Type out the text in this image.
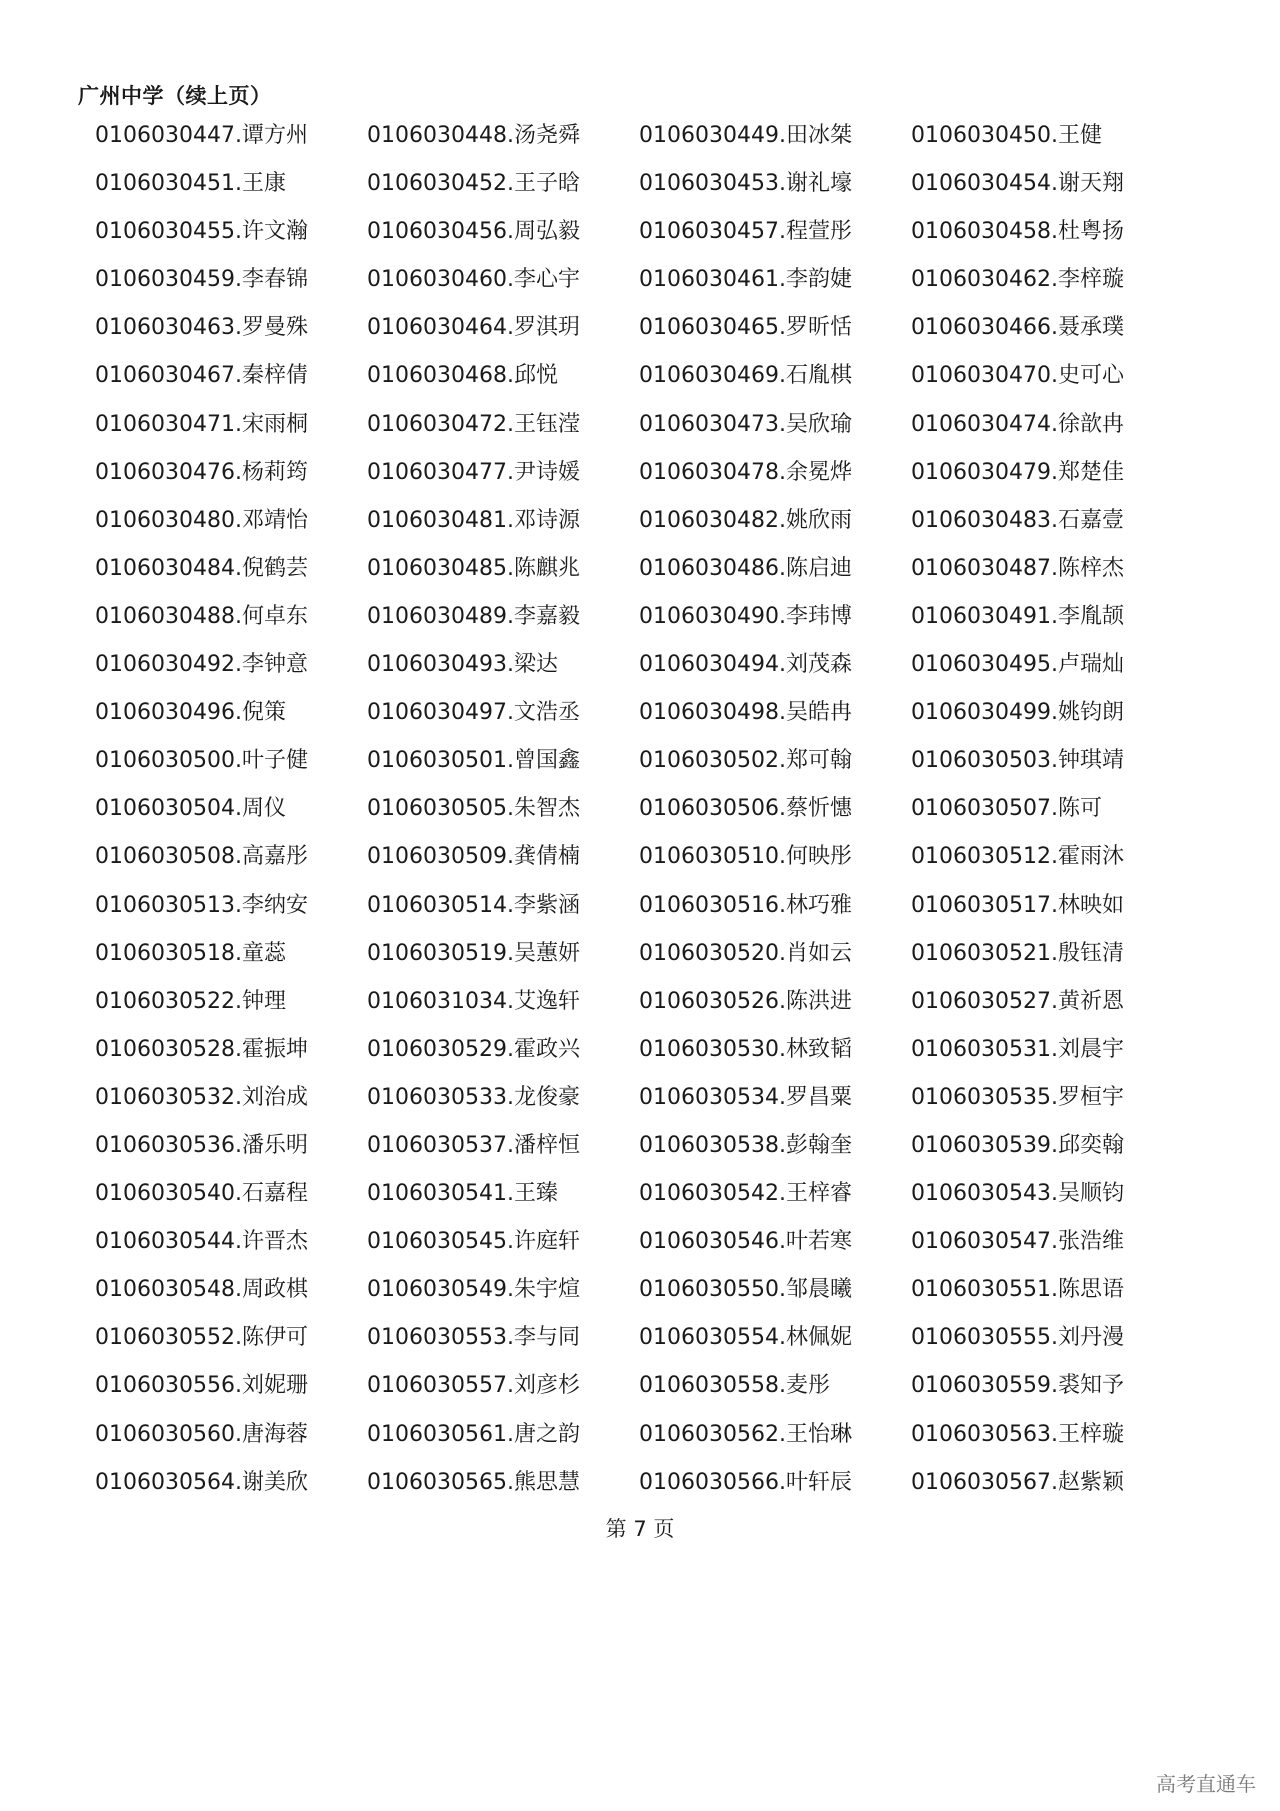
广州中学（续上页）
0106030447.谭方州	0106030448.汤尧舜	0106030449.田冰桀	0106030450.王健
0106030451.王康	0106030452.王子晗	0106030453.谢礼壕	0106030454.谢天翔
0106030455.许文瀚	0106030456.周弘毅	0106030457.程萱彤	0106030458.杜粤扬
0106030459.李春锦	0106030460.李心宇	0106030461.李韵婕	0106030462.李梓璇
0106030463.罗曼殊	0106030464.罗淇玥	0106030465.罗昕恬	0106030466.聂承璞
0106030467.秦梓倩	0106030468.邱悦	0106030469.石胤棋	0106030470.史可心
0106030471.宋雨桐	0106030472.王钰滢	0106030473.吴欣瑜	0106030474.徐歆冉
0106030476.杨莉筠	0106030477.尹诗媛	0106030478.余冕烨	0106030479.郑楚佳
0106030480.邓靖怡	0106030481.邓诗源	0106030482.姚欣雨	0106030483.石嘉壹
0106030484.倪鹤芸	0106030485.陈麒兆	0106030486.陈启迪	0106030487.陈梓杰
0106030488.何卓东	0106030489.李嘉毅	0106030490.李玮博	0106030491.李胤颉
0106030492.李钟意	0106030493.梁达	0106030494.刘茂森	0106030495.卢瑞灿
0106030496.倪策	0106030497.文浩丞	0106030498.吴皓冉	0106030499.姚钧朗
0106030500.叶子健	0106030501.曾国鑫	0106030502.郑可翰	0106030503.钟琪靖
0106030504.周仪	0106030505.朱智杰	0106030506.蔡忻憓	0106030507.陈可
0106030508.高嘉彤	0106030509.龚倩楠	0106030510.何映彤	0106030512.霍雨沐
0106030513.李纳安	0106030514.李紫涵	0106030516.林巧雅	0106030517.林映如
0106030518.童蕊	0106030519.吴蕙妍	0106030520.肖如云	0106030521.殷钰清
0106030522.钟理	0106031034.艾逸轩	0106030526.陈洪进	0106030527.黄祈恩
0106030528.霍振坤	0106030529.霍政兴	0106030530.林致韬	0106030531.刘晨宇
0106030532.刘治成	0106030533.龙俊豪	0106030534.罗昌粟	0106030535.罗桓宇
0106030536.潘乐明	0106030537.潘梓恒	0106030538.彭翰奎	0106030539.邱奕翰
0106030540.石嘉程	0106030541.王臻	0106030542.王梓睿	0106030543.吴顺钧
0106030544.许晋杰	0106030545.许庭轩	0106030546.叶若寒	0106030547.张浩维
0106030548.周政棋	0106030549.朱宇煊	0106030550.邹晨曦	0106030551.陈思语
0106030552.陈伊可	0106030553.李与同	0106030554.林佩妮	0106030555.刘丹漫
0106030556.刘妮珊	0106030557.刘彦杉	0106030558.麦彤	0106030559.裘知予
0106030560.唐海蓉	0106030561.唐之韵	0106030562.王怡琳	0106030563.王梓璇
0106030564.谢美欣	0106030565.熊思慧	0106030566.叶轩辰	0106030567.赵紫颖
第 7 页
高考直通车
